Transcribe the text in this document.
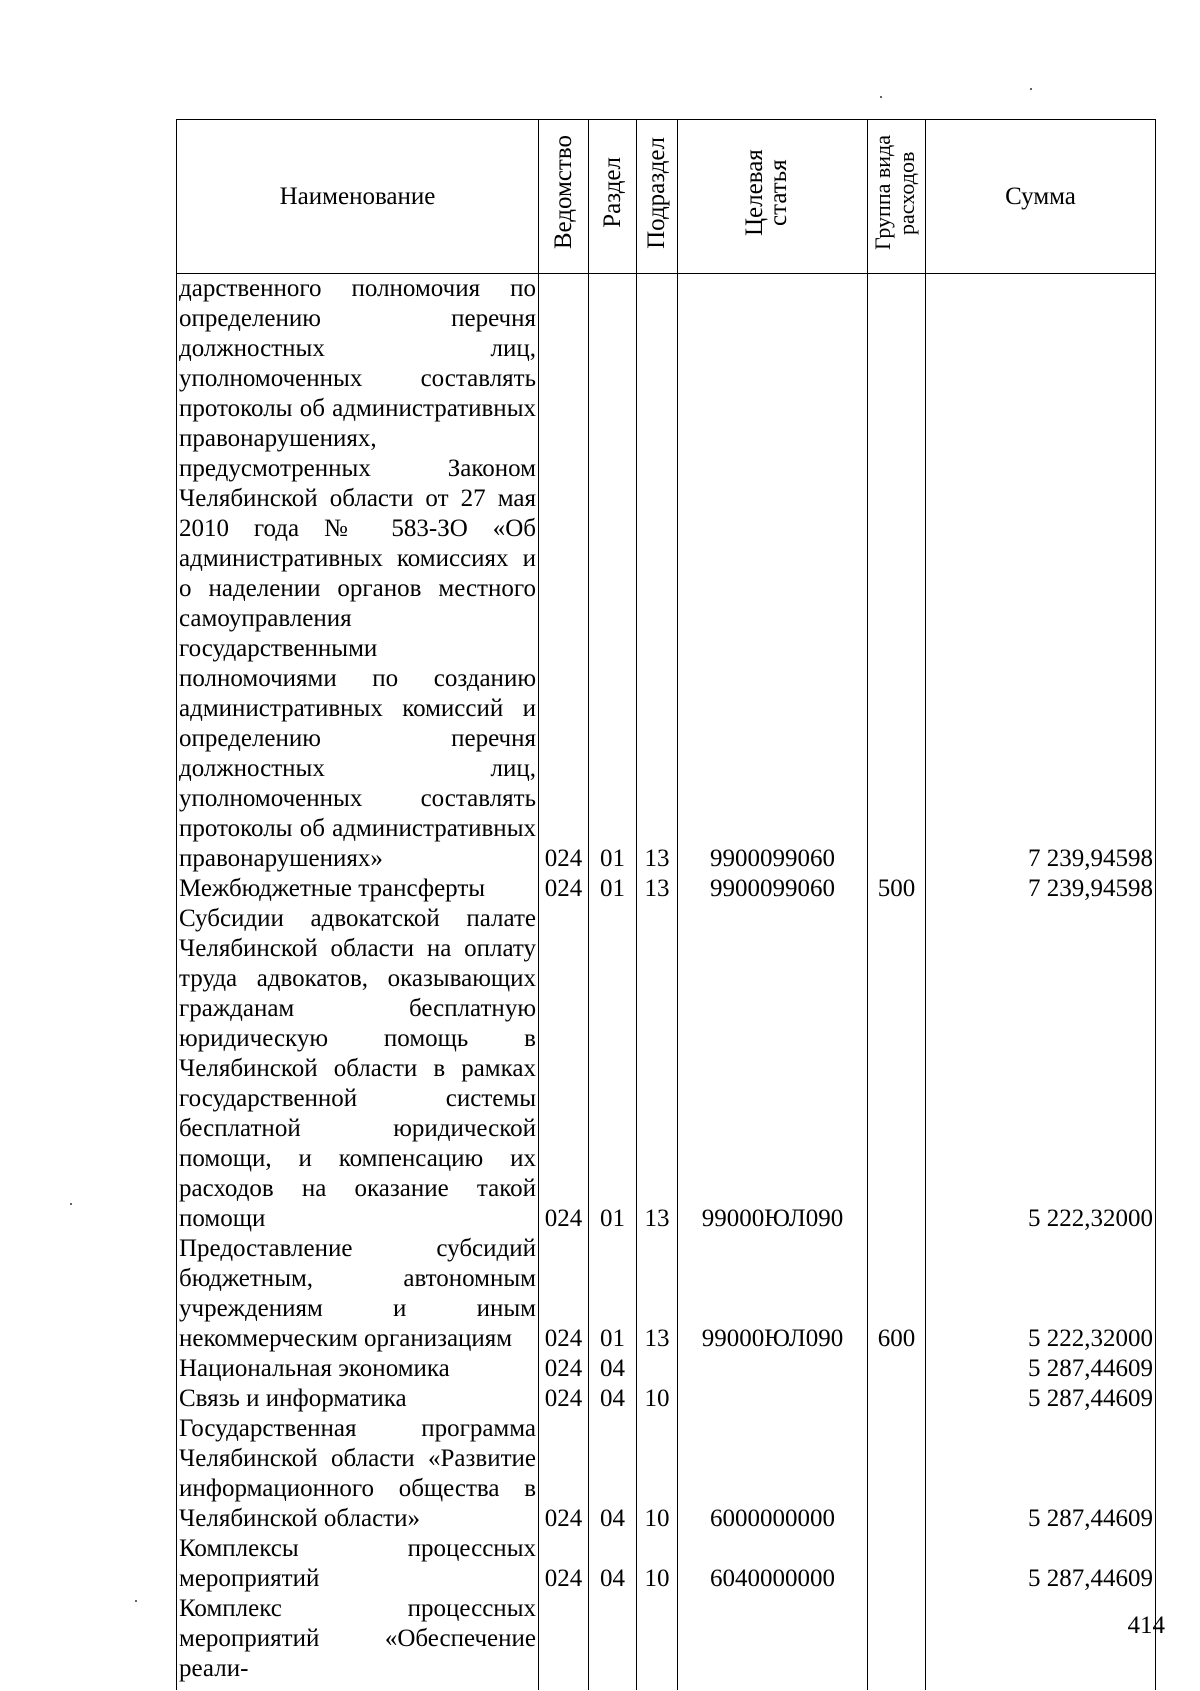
Наименование	Ведомство	Раздел	Подраздел	Целевая статья	Группа вида расходов	Сумма
дарственного полномочия по определению перечня должностных лиц, уполномоченных составлять протоколы об административных правонарушениях, предусмотренных Законом Челябинской области от 27 мая 2010 года № 583-ЗО «Об административных комиссиях и о наделении органов местного самоуправления государственными полномочиями по созданию административных комиссий и определению перечня должностных лиц, уполномоченных составлять протоколы об административных правонарушениях»	024	01	13	9900099060		7 239,94598
Межбюджетные трансферты	024	01	13	9900099060	500	7 239,94598
Субсидии адвокатской палате Челябинской области на оплату труда адвокатов, оказывающих гражданам бесплатную юридическую помощь в Челябинской области в рамках государственной системы бесплатной юридической помощи, и компенсацию их расходов на оказание такой помощи	024	01	13	99000ЮЛ090		5 222,32000
Предоставление субсидий бюджетным, автономным учреждениям и иным некоммерческим организациям	024	01	13	99000ЮЛ090	600	5 222,32000
Национальная экономика	024	04				5 287,44609
Связь и информатика	024	04	10			5 287,44609
Государственная программа Челябинской области «Развитие информационного общества в Челябинской области»	024	04	10	6000000000		5 287,44609
Комплексы процессных мероприятий	024	04	10	6040000000		5 287,44609
Комплекс процессных мероприятий «Обеспечение реали-						

414
